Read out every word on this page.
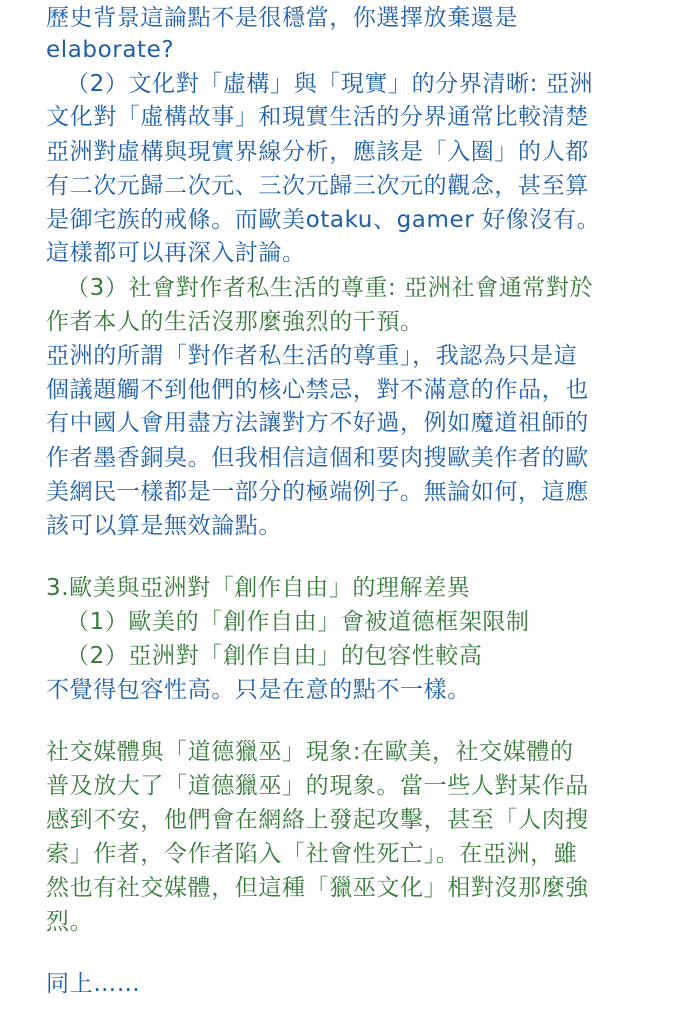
歷史背景這論點不是很穩當，你選擇放棄還是
elaborate?
（2）文化對「虛構」與「現實」的分界清晰: 亞洲
文化對「虛構故事」和現實生活的分界通常比較清楚
亞洲對虛構與現實界線分析，應該是「入圈」的人都
有二次元歸二次元、三次元歸三次元的觀念，甚至算
是御宅族的戒條。而歐美otaku、gamer 好像沒有。
這樣都可以再深入討論。
（3）社會對作者私生活的尊重: 亞洲社會通常對於
作者本人的生活沒那麼強烈的干預。
亞洲的所謂「對作者私生活的尊重」，我認為只是這
個議題觸不到他們的核心禁忌，對不滿意的作品，也
有中國人會用盡方法讓對方不好過，例如魔道祖師的
作者墨香銅臭。但我相信這個和要肉搜歐美作者的歐
美網民一樣都是一部分的極端例子。無論如何，這應
該可以算是無效論點。
3.歐美與亞洲對「創作自由」的理解差異
（1）歐美的「創作自由」會被道德框架限制
（2）亞洲對「創作自由」的包容性較高
不覺得包容性高。只是在意的點不一樣。
社交媒體與「道德獵巫」現象:在歐美，社交媒體的
普及放大了「道德獵巫」的現象。當一些人對某作品
感到不安，他們會在網絡上發起攻擊，甚至「人肉搜
索」作者，令作者陷入「社會性死亡」。在亞洲，雖
然也有社交媒體，但這種「獵巫文化」相對沒那麼強
烈。
同上……
